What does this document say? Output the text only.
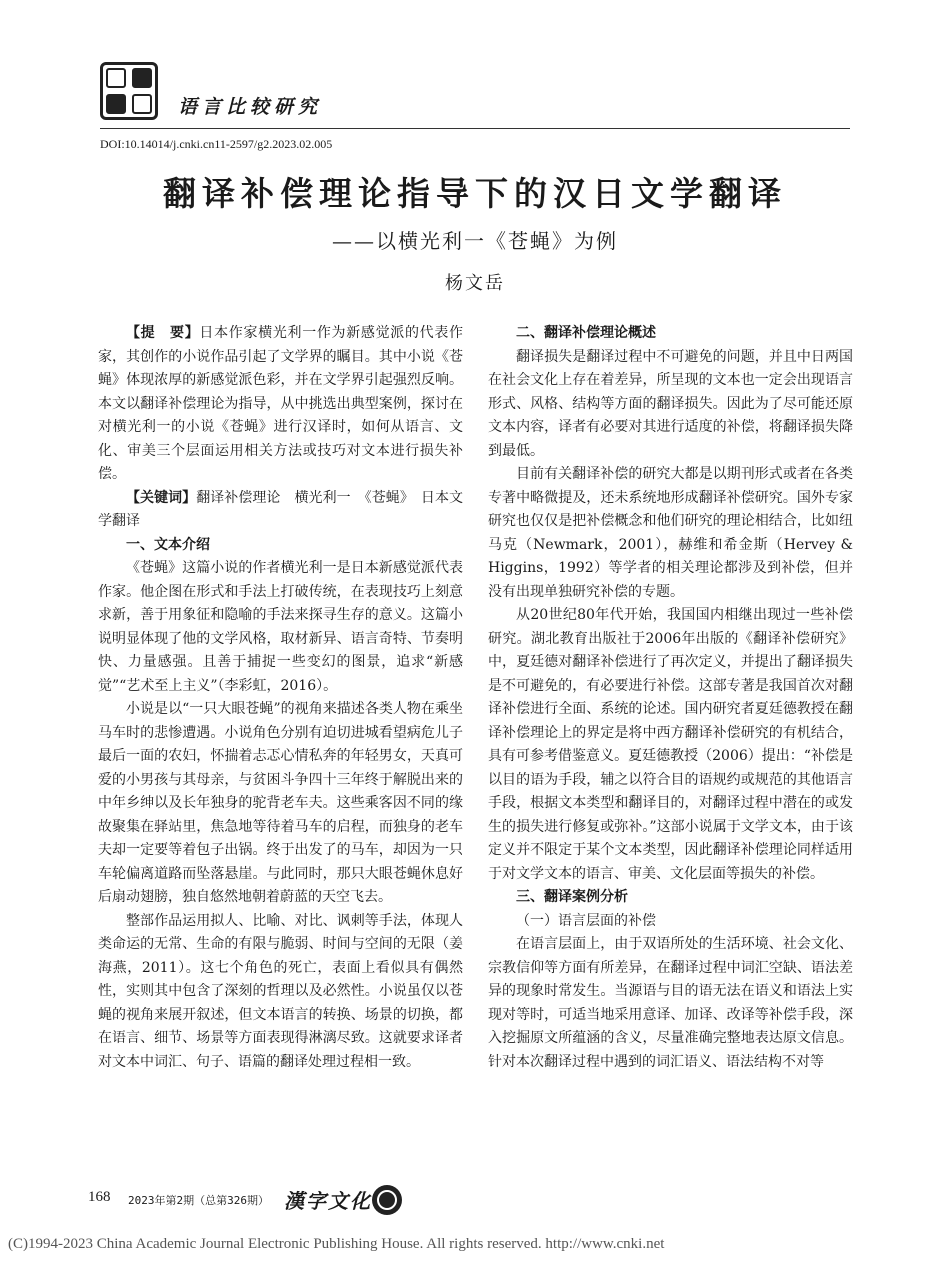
语言比较研究
DOI:10.14014/j.cnki.cn11-2597/g2.2023.02.005
翻译补偿理论指导下的汉日文学翻译
——以横光利一《苍蝇》为例
杨文岳

【提　要】日本作家横光利一作为新感觉派的代表作家，其创作的小说作品引起了文学界的瞩目。其中小说《苍蝇》体现浓厚的新感觉派色彩，并在文学界引起强烈反响。本文以翻译补偿理论为指导，从中挑选出典型案例，探讨在对横光利一的小说《苍蝇》进行汉译时，如何从语言、文化、审美三个层面运用相关方法或技巧对文本进行损失补偿。

【关键词】翻译补偿理论　横光利一　《苍蝇》　日本文学翻译

一、文本介绍

《苍蝇》这篇小说的作者横光利一是日本新感觉派代表作家。他企图在形式和手法上打破传统，在表现技巧上刻意求新，善于用象征和隐喻的手法来探寻生存的意义。这篇小说明显体现了他的文学风格，取材新异、语言奇特、节奏明快、力量感强。且善于捕捉一些变幻的图景，追求“新感觉”“艺术至上主义”（李彩虹，2016）。

小说是以“一只大眼苍蝇”的视角来描述各类人物在乘坐马车时的悲惨遭遇。小说角色分别有迫切进城看望病危儿子最后一面的农妇，怀揣着忐忑心情私奔的年轻男女，天真可爱的小男孩与其母亲，与贫困斗争四十三年终于解脱出来的中年乡绅以及长年独身的驼背老车夫。这些乘客因不同的缘故聚集在驿站里，焦急地等待着马车的启程，而独身的老车夫却一定要等着包子出锅。终于出发了的马车，却因为一只车轮偏离道路而坠落悬崖。与此同时，那只大眼苍蝇休息好后扇动翅膀，独自悠然地朝着蔚蓝的天空飞去。

整部作品运用拟人、比喻、对比、讽刺等手法，体现人类命运的无常、生命的有限与脆弱、时间与空间的无限（姜海燕，2011）。这七个角色的死亡，表面上看似具有偶然性，实则其中包含了深刻的哲理以及必然性。小说虽仅以苍蝇的视角来展开叙述，但文本语言的转换、场景的切换，都在语言、细节、场景等方面表现得淋漓尽致。这就要求译者对文本中词汇、句子、语篇的翻译处理过程相一致。

二、翻译补偿理论概述

翻译损失是翻译过程中不可避免的问题，并且中日两国在社会文化上存在着差异，所呈现的文本也一定会出现语言形式、风格、结构等方面的翻译损失。因此为了尽可能还原文本内容，译者有必要对其进行适度的补偿，将翻译损失降到最低。

目前有关翻译补偿的研究大都是以期刊形式或者在各类专著中略微提及，还未系统地形成翻译补偿研究。国外专家研究也仅仅是把补偿概念和他们研究的理论相结合，比如纽马克（Newmark，2001），赫维和希金斯（Hervey & Higgins，1992）等学者的相关理论都涉及到补偿，但并没有出现单独研究补偿的专题。

从20世纪80年代开始，我国国内相继出现过一些补偿研究。湖北教育出版社于2006年出版的《翻译补偿研究》中，夏廷德对翻译补偿进行了再次定义，并提出了翻译损失是不可避免的，有必要进行补偿。这部专著是我国首次对翻译补偿进行全面、系统的论述。国内研究者夏廷德教授在翻译补偿理论上的界定是将中西方翻译补偿研究的有机结合，具有可参考借鉴意义。夏廷德教授（2006）提出：“补偿是以目的语为手段，辅之以符合目的语规约或规范的其他语言手段，根据文本类型和翻译目的，对翻译过程中潜在的或发生的损失进行修复或弥补。”这部小说属于文学文本，由于该定义并不限定于某个文本类型，因此翻译补偿理论同样适用于对文学文本的语言、审美、文化层面等损失的补偿。

三、翻译案例分析
（一）语言层面的补偿

在语言层面上，由于双语所处的生活环境、社会文化、宗教信仰等方面有所差异，在翻译过程中词汇空缺、语法差异的现象时常发生。当源语与目的语无法在语义和语法上实现对等时，可适当地采用意译、加译、改译等补偿手段，深入挖掘原文所蕴涵的含义，尽量准确完整地表达原文信息。针对本次翻译过程中遇到的词汇语义、语法结构不对等

168 2023年第2期（总第326期） 漢字文化
(C)1994-2023 China Academic Journal Electronic Publishing House. All rights reserved. http://www.cnki.net
